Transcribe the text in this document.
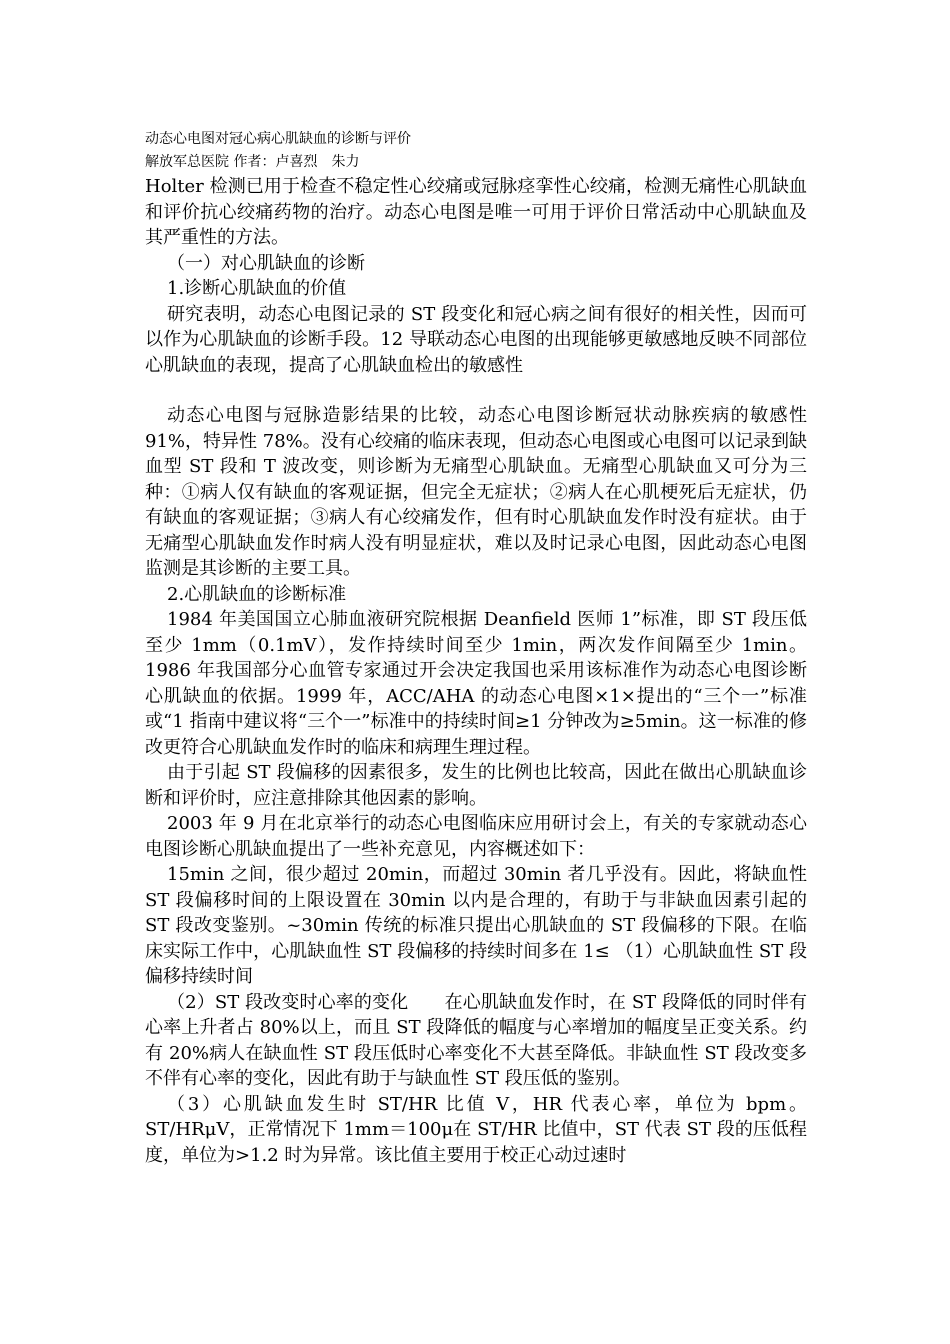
动态心电图对冠心病心肌缺血的诊断与评价

解放军总医院 作者：卢喜烈　朱力

Holter 检测已用于检查不稳定性心绞痛或冠脉痉挛性心绞痛，检测无痛性心肌缺血和评价抗心绞痛药物的治疗。动态心电图是唯一可用于评价日常活动中心肌缺血及其严重性的方法。

（一）对心肌缺血的诊断

1.诊断心肌缺血的价值

研究表明，动态心电图记录的 ST 段变化和冠心病之间有很好的相关性，因而可以作为心肌缺血的诊断手段。12 导联动态心电图的出现能够更敏感地反映不同部位心肌缺血的表现，提高了心肌缺血检出的敏感性

动态心电图与冠脉造影结果的比较，动态心电图诊断冠状动脉疾病的敏感性 91%，特异性 78%。没有心绞痛的临床表现，但动态心电图或心电图可以记录到缺血型 ST 段和 T 波改变，则诊断为无痛型心肌缺血。无痛型心肌缺血又可分为三种：①病人仅有缺血的客观证据，但完全无症状；②病人在心肌梗死后无症状，仍有缺血的客观证据；③病人有心绞痛发作，但有时心肌缺血发作时没有症状。由于无痛型心肌缺血发作时病人没有明显症状，难以及时记录心电图，因此动态心电图监测是其诊断的主要工具。

2.心肌缺血的诊断标准

1984 年美国国立心肺血液研究院根据 Deanfield 医师 1”标准，即 ST 段压低至少 1mm（0.1mV），发作持续时间至少 1min，两次发作间隔至少 1min。1986 年我国部分心血管专家通过开会决定我国也采用该标准作为动态心电图诊断心肌缺血的依据。1999 年，ACC/AHA 的动态心电图×1×提出的“三个一”标准或“1 指南中建议将“三个一”标准中的持续时间≥1 分钟改为≥5min。这一标准的修改更符合心肌缺血发作时的临床和病理生理过程。

由于引起 ST 段偏移的因素很多，发生的比例也比较高，因此在做出心肌缺血诊断和评价时，应注意排除其他因素的影响。

2003 年 9 月在北京举行的动态心电图临床应用研讨会上，有关的专家就动态心电图诊断心肌缺血提出了一些补充意见，内容概述如下：

15min 之间，很少超过 20min，而超过 30min 者几乎没有。因此，将缺血性 ST 段偏移时间的上限设置在 30min 以内是合理的，有助于与非缺血因素引起的 ST 段改变鉴别。~30min 传统的标准只提出心肌缺血的 ST 段偏移的下限。在临床实际工作中，心肌缺血性 ST 段偏移的持续时间多在 1≤ （1）心肌缺血性 ST 段偏移持续时间

（2）ST 段改变时心率的变化　　在心肌缺血发作时，在 ST 段降低的同时伴有心率上升者占 80%以上，而且 ST 段降低的幅度与心率增加的幅度呈正变关系。约有 20%病人在缺血性 ST 段压低时心率变化不大甚至降低。非缺血性 ST 段改变多不伴有心率的变化，因此有助于与缺血性 ST 段压低的鉴别。

（3）心肌缺血发生时 ST/HR 比值 V，HR 代表心率，单位为 bpm。ST/HRμV，正常情况下 1mm＝100μ在 ST/HR 比值中，ST 代表 ST 段的压低程度，单位为>1.2 时为异常。该比值主要用于校正心动过速时
